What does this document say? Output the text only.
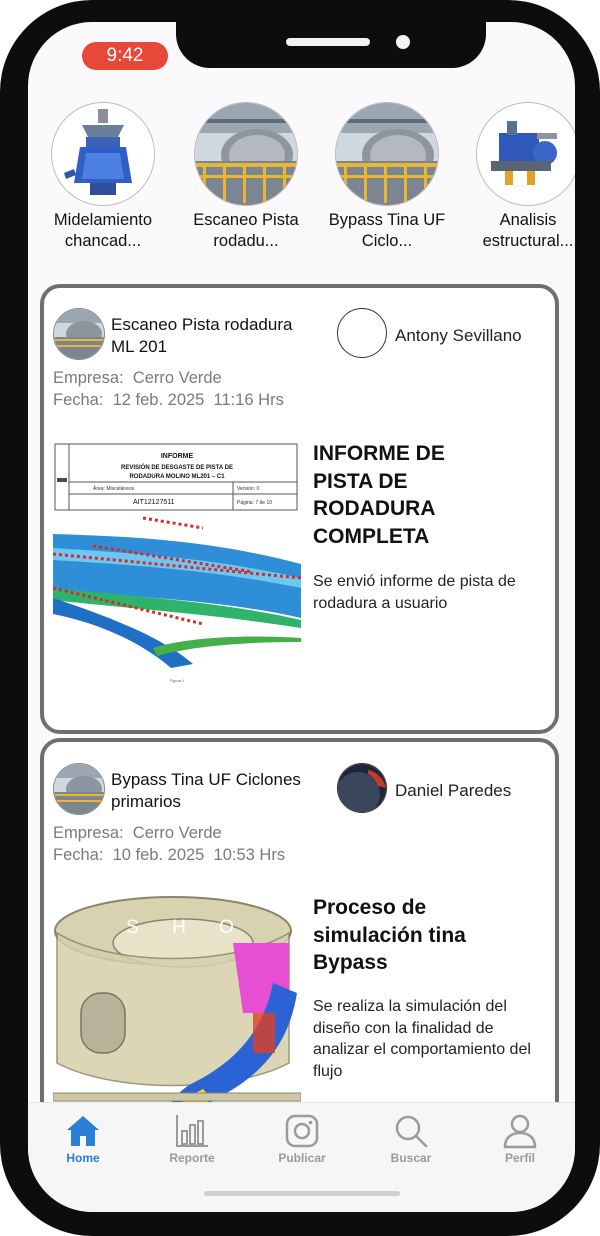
9:42
Midelamiento chancad...
Escaneo Pista rodadu...
Bypass Tina UF Ciclo...
Analisis estructural...
Escaneo Pista rodadura ML 201
Antony Sevillano
Empresa:  Cerro Verde
Fecha:  12 feb. 2025  11:16 Hrs
INFORME
REVISIÓN DE DESGASTE DE PISTA DE
RODADURA MOLINO ML201 – C1
Área: Misceláneos	Versión: 0
AIT12127511	Página: 7 de 10
Figura 1
INFORME DE PISTA DE RODADURA COMPLETA
Se envió informe de pista de rodadura a usuario
Bypass Tina UF Ciclones primarios
Daniel Paredes
Empresa:  Cerro Verde
Fecha:  10 feb. 2025  10:53 Hrs
S H O
Proceso de simulación tina Bypass
Se realiza la simulación del diseño con la finalidad de analizar el comportamiento del flujo
Home	Reporte	Publicar	Buscar	Perfil
